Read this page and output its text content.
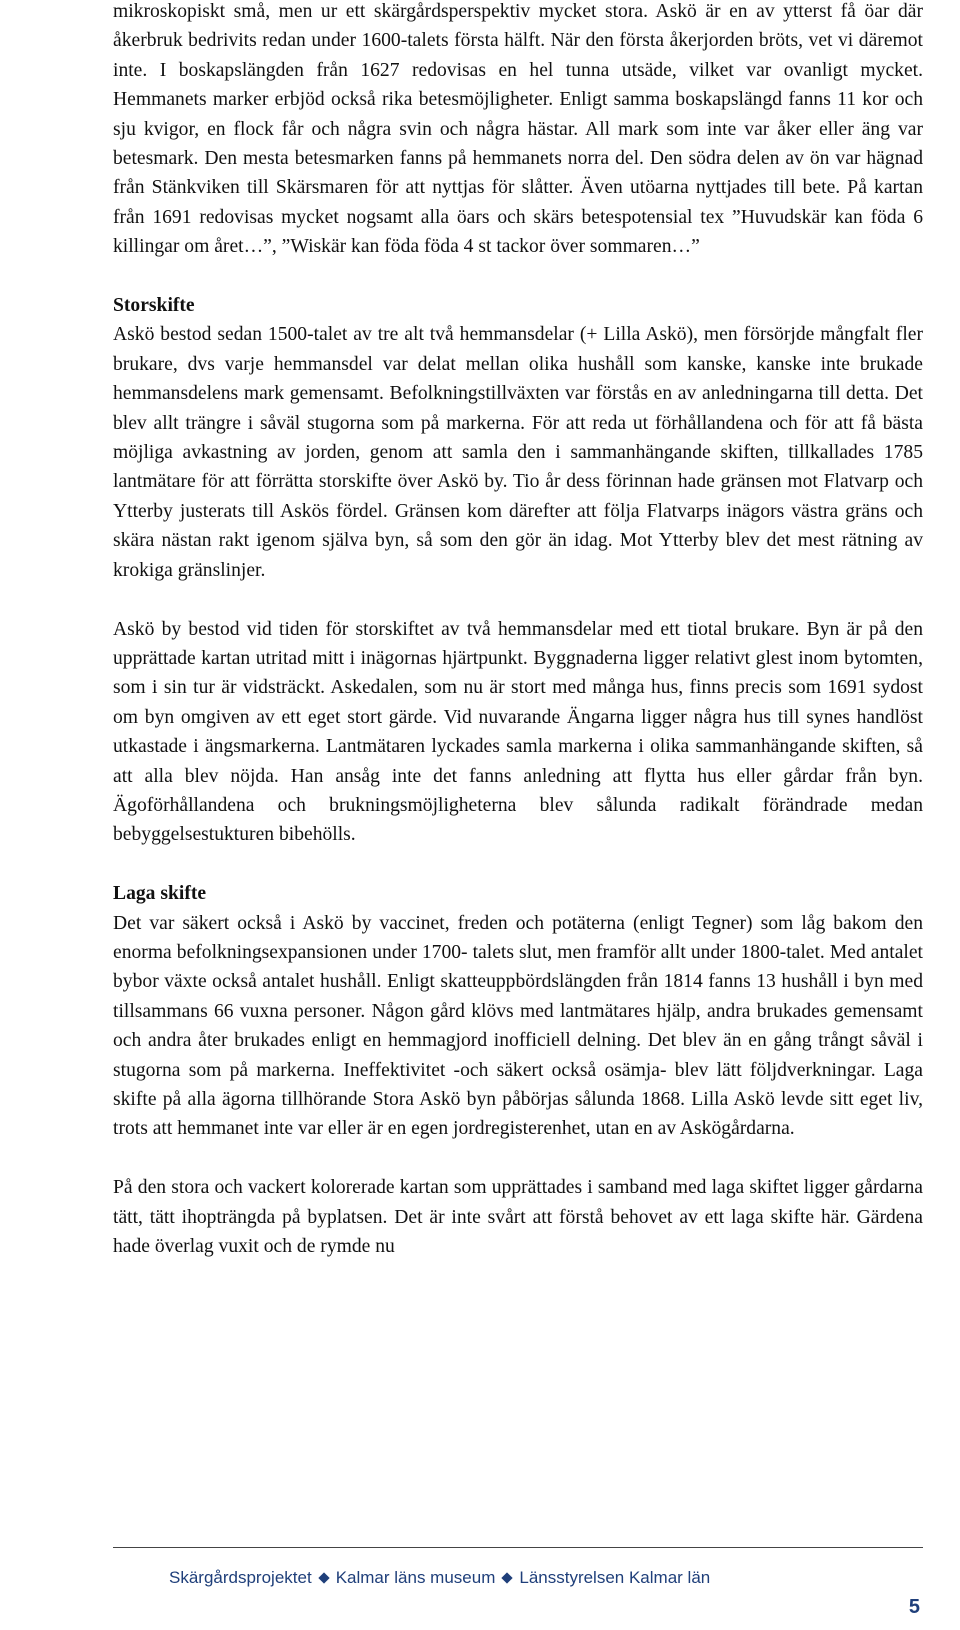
mikroskopiskt små, men ur ett skärgårdsperspektiv mycket stora. Askö är en av ytterst få öar där åkerbruk bedrivits redan under 1600-talets första hälft. När den första åkerjorden bröts, vet vi däremot inte. I boskapslängden från 1627 redovisas en hel tunna utsäde, vilket var ovanligt mycket. Hemmanets marker erbjöd också rika betesmöjligheter. Enligt samma boskapslängd fanns 11 kor och sju kvigor, en flock får och några svin och några hästar. All mark som inte var åker eller äng var betesmark. Den mesta betesmarken fanns på hemmanets norra del. Den södra delen av ön var hägnad från Stänkviken till Skärsmaren för att nyttjas för slåtter. Även utöarna nyttjades till bete. På kartan från 1691 redovisas mycket nogsamt alla öars och skärs betespotensial tex ”Huvudskär kan föda 6 killingar om året…”, ”Wiskär kan föda föda 4 st tackor över sommaren…”

Storskifte

Askö bestod sedan 1500-talet av tre alt två hemmansdelar (+ Lilla Askö), men försörjde mångfalt fler brukare, dvs varje hemmansdel var delat mellan olika hushåll som kanske, kanske inte brukade hemmansdelens mark gemensamt. Befolkningstillväxten var förstås en av anledningarna till detta. Det blev allt trängre i såväl stugorna som på markerna. För att reda ut förhållandena och för att få bästa möjliga avkastning av jorden, genom att samla den i sammanhängande skiften, tillkallades 1785 lantmätare för att förrätta storskifte över Askö by. Tio år dess förinnan hade gränsen mot Flatvarp och Ytterby justerats till Askös fördel. Gränsen kom därefter att följa Flatvarps inägors västra gräns och skära nästan rakt igenom själva byn, så som den gör än idag. Mot Ytterby blev det mest rätning av krokiga gränslinjer.

Askö by bestod vid tiden för storskiftet av två hemmansdelar med ett tiotal brukare. Byn är på den upprättade kartan utritad mitt i inägornas hjärtpunkt. Byggnaderna ligger relativt glest inom bytomten, som i sin tur är vidsträckt. Askedalen, som nu är stort med många hus, finns precis som 1691 sydost om byn omgiven av ett eget stort gärde. Vid nuvarande Ängarna ligger några hus till synes handlöst utkastade i ängsmarkerna. Lantmätaren lyckades samla markerna i olika sammanhängande skiften, så att alla blev nöjda. Han ansåg inte det fanns anledning att flytta hus eller gårdar från byn. Ägoförhållandena och brukningsmöjligheterna blev sålunda radikalt förändrade medan bebyggelsestukturen bibehölls.

Laga skifte

Det var säkert också i Askö by vaccinet, freden och potäterna (enligt Tegner) som låg bakom den enorma befolkningsexpansionen under 1700- talets slut, men framför allt under 1800-talet. Med antalet bybor växte också antalet hushåll. Enligt skatteuppbördslängden från 1814 fanns 13 hushåll i byn med tillsammans 66 vuxna personer. Någon gård klövs med lantmätares hjälp, andra brukades gemensamt och andra åter brukades enligt en hemmagjord inofficiell delning. Det blev än en gång trångt såväl i stugorna som på markerna. Ineffektivitet -och säkert också osämja- blev lätt följdverkningar. Laga skifte på alla ägorna tillhörande Stora Askö byn påbörjas sålunda 1868. Lilla Askö levde sitt eget liv, trots att hemmanet inte var eller är en egen jordregisterenhet, utan en av Askögårdarna.

På den stora och vackert kolorerade kartan som upprättades i samband med laga skiftet ligger gårdarna tätt, tätt ihopträngda på byplatsen. Det är inte svårt att förstå behovet av ett laga skifte här. Gärdena hade överlag vuxit och de rymde nu

Skärgårdsprojektet Kalmar läns museum Länsstyrelsen Kalmar län
5
